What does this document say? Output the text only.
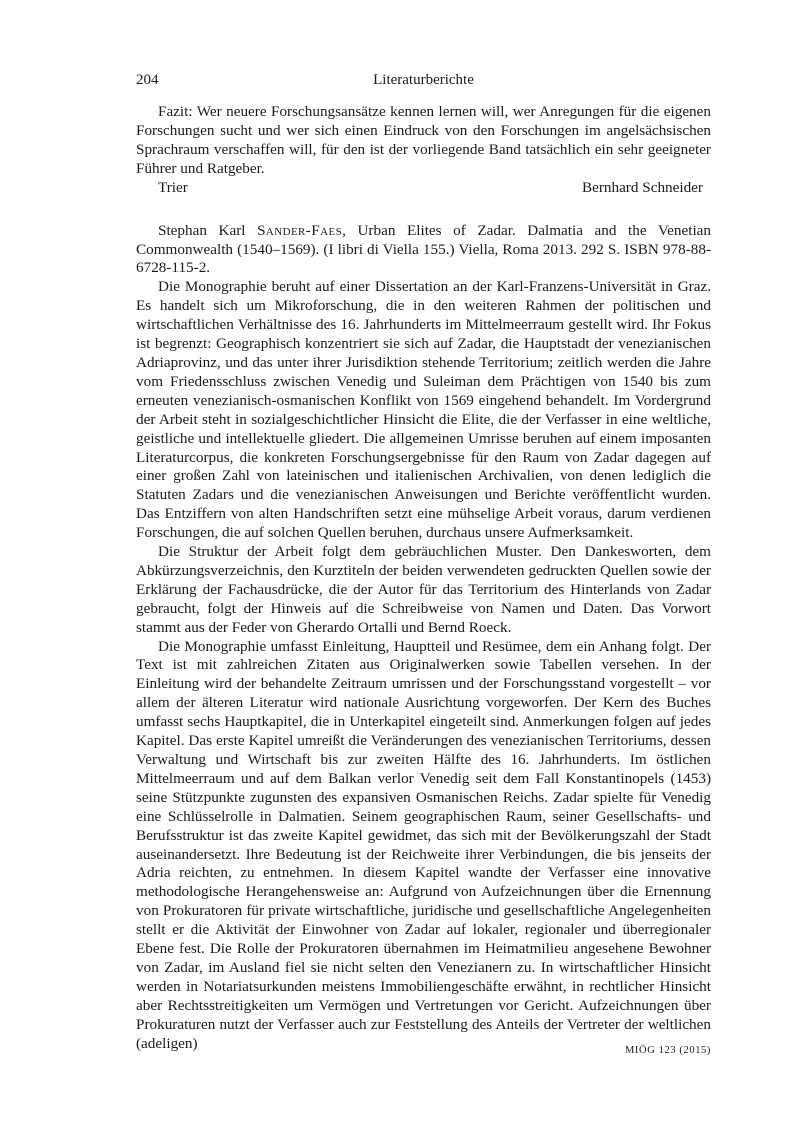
204	Literaturberichte

Fazit: Wer neuere Forschungsansätze kennen lernen will, wer Anregungen für die eigenen Forschungen sucht und wer sich einen Eindruck von den Forschungen im angelsächsischen Sprachraum verschaffen will, für den ist der vorliegende Band tatsächlich ein sehr geeigneter Führer und Ratgeber.

Trier	Bernhard Schneider

Stephan Karl Sander-Faes, Urban Elites of Zadar. Dalmatia and the Venetian Commonwealth (1540–1569). (I libri di Viella 155.) Viella, Roma 2013. 292 S. ISBN 978-88-6728-115-2.

Die Monographie beruht auf einer Dissertation an der Karl-Franzens-Universität in Graz. Es handelt sich um Mikroforschung, die in den weiteren Rahmen der politischen und wirtschaftlichen Verhältnisse des 16. Jahrhunderts im Mittelmeerraum gestellt wird. Ihr Fokus ist begrenzt: Geographisch konzentriert sie sich auf Zadar, die Hauptstadt der venezianischen Adriaprovinz, und das unter ihrer Jurisdiktion stehende Territorium; zeitlich werden die Jahre vom Friedensschluss zwischen Venedig und Suleiman dem Prächtigen von 1540 bis zum erneuten venezianisch-osmanischen Konflikt von 1569 eingehend behandelt. Im Vordergrund der Arbeit steht in sozialgeschichtlicher Hinsicht die Elite, die der Verfasser in eine weltliche, geistliche und intellektuelle gliedert. Die allgemeinen Umrisse beruhen auf einem imposanten Literaturcorpus, die konkreten Forschungsergebnisse für den Raum von Zadar dagegen auf einer großen Zahl von lateinischen und italienischen Archivalien, von denen lediglich die Statuten Zadars und die venezianischen Anweisungen und Berichte veröffentlicht wurden. Das Entziffern von alten Handschriften setzt eine mühselige Arbeit voraus, darum verdienen Forschungen, die auf solchen Quellen beruhen, durchaus unsere Aufmerksamkeit.

Die Struktur der Arbeit folgt dem gebräuchlichen Muster. Den Dankesworten, dem Abkürzungsverzeichnis, den Kurztiteln der beiden verwendeten gedruckten Quellen sowie der Erklärung der Fachausdrücke, die der Autor für das Territorium des Hinterlands von Zadar gebraucht, folgt der Hinweis auf die Schreibweise von Namen und Daten. Das Vorwort stammt aus der Feder von Gherardo Ortalli und Bernd Roeck.

Die Monographie umfasst Einleitung, Hauptteil und Resümee, dem ein Anhang folgt. Der Text ist mit zahlreichen Zitaten aus Originalwerken sowie Tabellen versehen. In der Einleitung wird der behandelte Zeitraum umrissen und der Forschungsstand vorgestellt – vor allem der älteren Literatur wird nationale Ausrichtung vorgeworfen. Der Kern des Buches umfasst sechs Hauptkapitel, die in Unterkapitel eingeteilt sind. Anmerkungen folgen auf jedes Kapitel. Das erste Kapitel umreißt die Veränderungen des venezianischen Territoriums, dessen Verwaltung und Wirtschaft bis zur zweiten Hälfte des 16. Jahrhunderts. Im östlichen Mittelmeerraum und auf dem Balkan verlor Venedig seit dem Fall Konstantinopels (1453) seine Stützpunkte zugunsten des expansiven Osmanischen Reichs. Zadar spielte für Venedig eine Schlüsselrolle in Dalmatien. Seinem geographischen Raum, seiner Gesellschafts- und Berufsstruktur ist das zweite Kapitel gewidmet, das sich mit der Bevölkerungszahl der Stadt auseinandersetzt. Ihre Bedeutung ist der Reichweite ihrer Verbindungen, die bis jenseits der Adria reichten, zu entnehmen. In diesem Kapitel wandte der Verfasser eine innovative methodologische Herangehensweise an: Aufgrund von Aufzeichnungen über die Ernennung von Prokuratoren für private wirtschaftliche, juridische und gesellschaftliche Angelegenheiten stellt er die Aktivität der Einwohner von Zadar auf lokaler, regionaler und überregionaler Ebene fest. Die Rolle der Prokuratoren übernahmen im Heimatmilieu angesehene Bewohner von Zadar, im Ausland fiel sie nicht selten den Venezianern zu. In wirtschaftlicher Hinsicht werden in Notariatsurkunden meistens Immobiliengeschäfte erwähnt, in rechtlicher Hinsicht aber Rechtsstreitigkeiten um Vermögen und Vertretungen vor Gericht. Aufzeichnungen über Prokuraturen nutzt der Verfasser auch zur Feststellung des Anteils der Vertreter der weltlichen (adeligen)	MIÖG 123 (2015)
